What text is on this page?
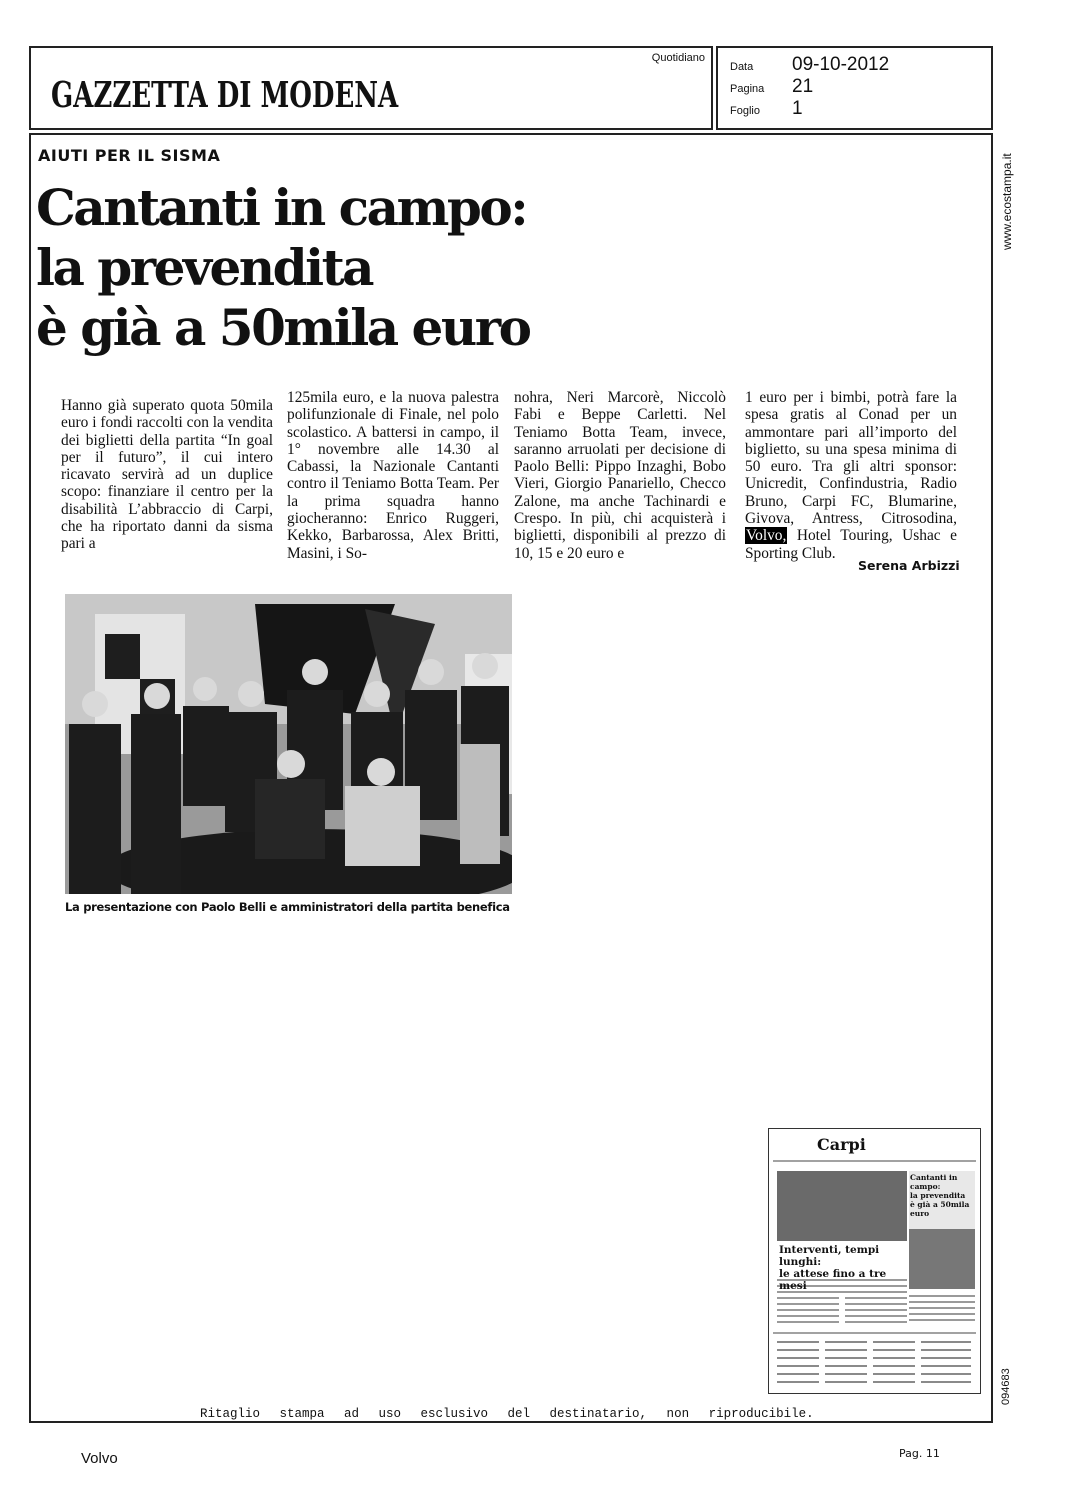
GAZZETTA DI MODENA
Quotidiano
Data 09-10-2012
Pagina 21
Foglio 1
AIUTI PER IL SISMA
Cantanti in campo:
la prevendita
è già a 50mila euro
Hanno già superato quota 50mila euro i fondi raccolti con la vendita dei biglietti della partita “In goal per il futuro”, il cui intero ricavato servirà ad un duplice scopo: finanziare il centro per la disabilità L’abbraccio di Carpi, che ha riportato danni da sisma pari a
125mila euro, e la nuova palestra polifunzionale di Finale, nel polo scolastico. A battersi in campo, il 1° novembre alle 14.30 al Cabassi, la Nazionale Cantanti contro il Teniamo Botta Team. Per la prima squadra hanno giocheranno: Enrico Ruggeri, Kekko, Barbarossa, Alex Britti, Masini, i So-
nohra, Neri Marcorè, Niccolò Fabi e Beppe Carletti. Nel Teniamo Botta Team, invece, saranno arruolati per decisione di Paolo Belli: Pippo Inzaghi, Bobo Vieri, Giorgio Panariello, Checco Zalone, ma anche Tachinardi e Crespo. In più, chi acquisterà i biglietti, disponibili al prezzo di 10, 15 e 20 euro e
1 euro per i bimbi, potrà fare la spesa gratis al Conad per un ammontare pari all’importo del biglietto, su una spesa minima di 50 euro. Tra gli altri sponsor: Unicredit, Confindustria, Radio Bruno, Carpi FC, Blumarine, Givova, Antress, Citrosodina, Volvo, Hotel Touring, Ushac e Sporting Club.
Serena Arbizzi
La presentazione con Paolo Belli e amministratori della partita benefica
Carpi
Cantanti in campo:
la prevendita
è già a 50mila euro
Interventi, tempi lunghi:
le attese fino a tre mesi
www.ecostampa.it
094683
Ritaglio stampa ad uso esclusivo del destinatario, non riproducibile.
Volvo	Pag. 11
